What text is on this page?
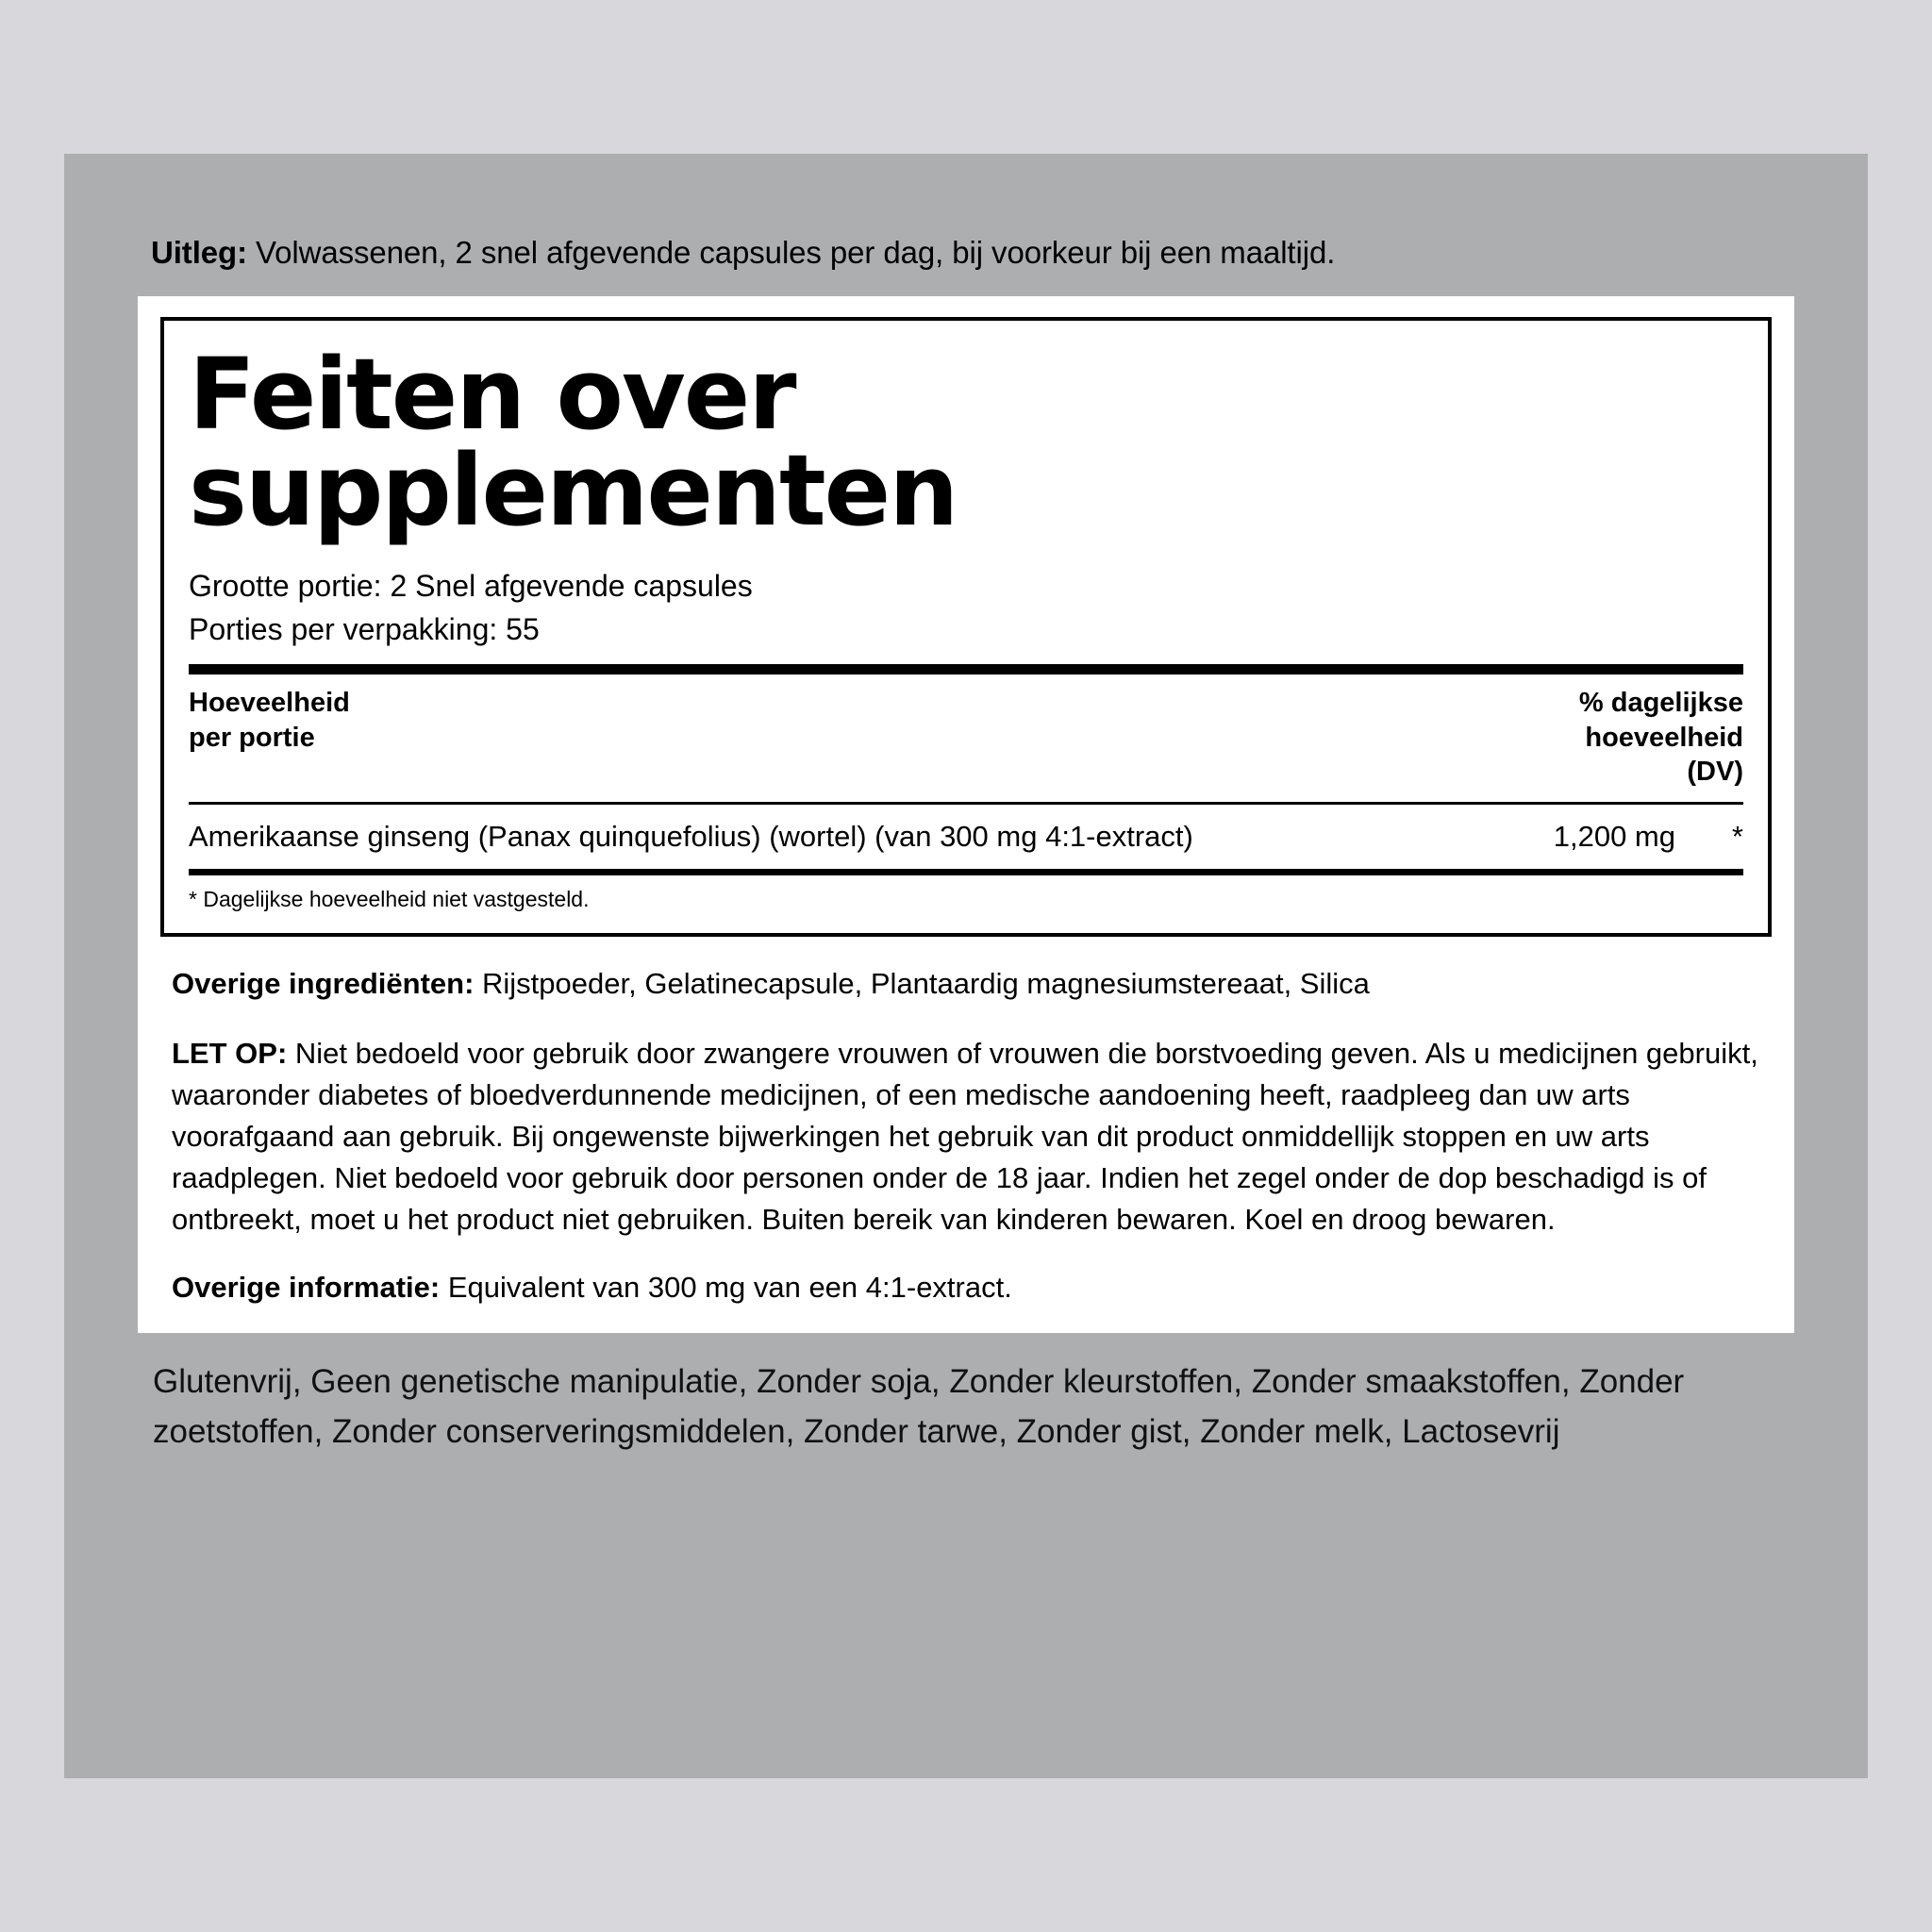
Uitleg: Volwassenen, 2 snel afgevende capsules per dag, bij voorkeur bij een maaltijd.
Feiten over supplementen
Grootte portie: 2 Snel afgevende capsules
Porties per verpakking: 55
Hoeveelheid
per portie
% dagelijkse
hoeveelheid
(DV)
Amerikaanse ginseng (Panax quinquefolius) (wortel) (van 300 mg 4:1-extract)	1,200 mg	*
* Dagelijkse hoeveelheid niet vastgesteld.

Overige ingrediënten: Rijstpoeder, Gelatinecapsule, Plantaardig magnesiumstereaat, Silica

LET OP: Niet bedoeld voor gebruik door zwangere vrouwen of vrouwen die borstvoeding geven. Als u medicijnen gebruikt, waaronder diabetes of bloedverdunnende medicijnen, of een medische aandoening heeft, raadpleeg dan uw arts voorafgaand aan gebruik. Bij ongewenste bijwerkingen het gebruik van dit product onmiddellijk stoppen en uw arts raadplegen. Niet bedoeld voor gebruik door personen onder de 18 jaar. Indien het zegel onder de dop beschadigd is of ontbreekt, moet u het product niet gebruiken. Buiten bereik van kinderen bewaren. Koel en droog bewaren.

Overige informatie: Equivalent van 300 mg van een 4:1-extract.

Glutenvrij, Geen genetische manipulatie, Zonder soja, Zonder kleurstoffen, Zonder smaakstoffen, Zonder zoetstoffen, Zonder conserveringsmiddelen, Zonder tarwe, Zonder gist, Zonder melk, Lactosevrij
